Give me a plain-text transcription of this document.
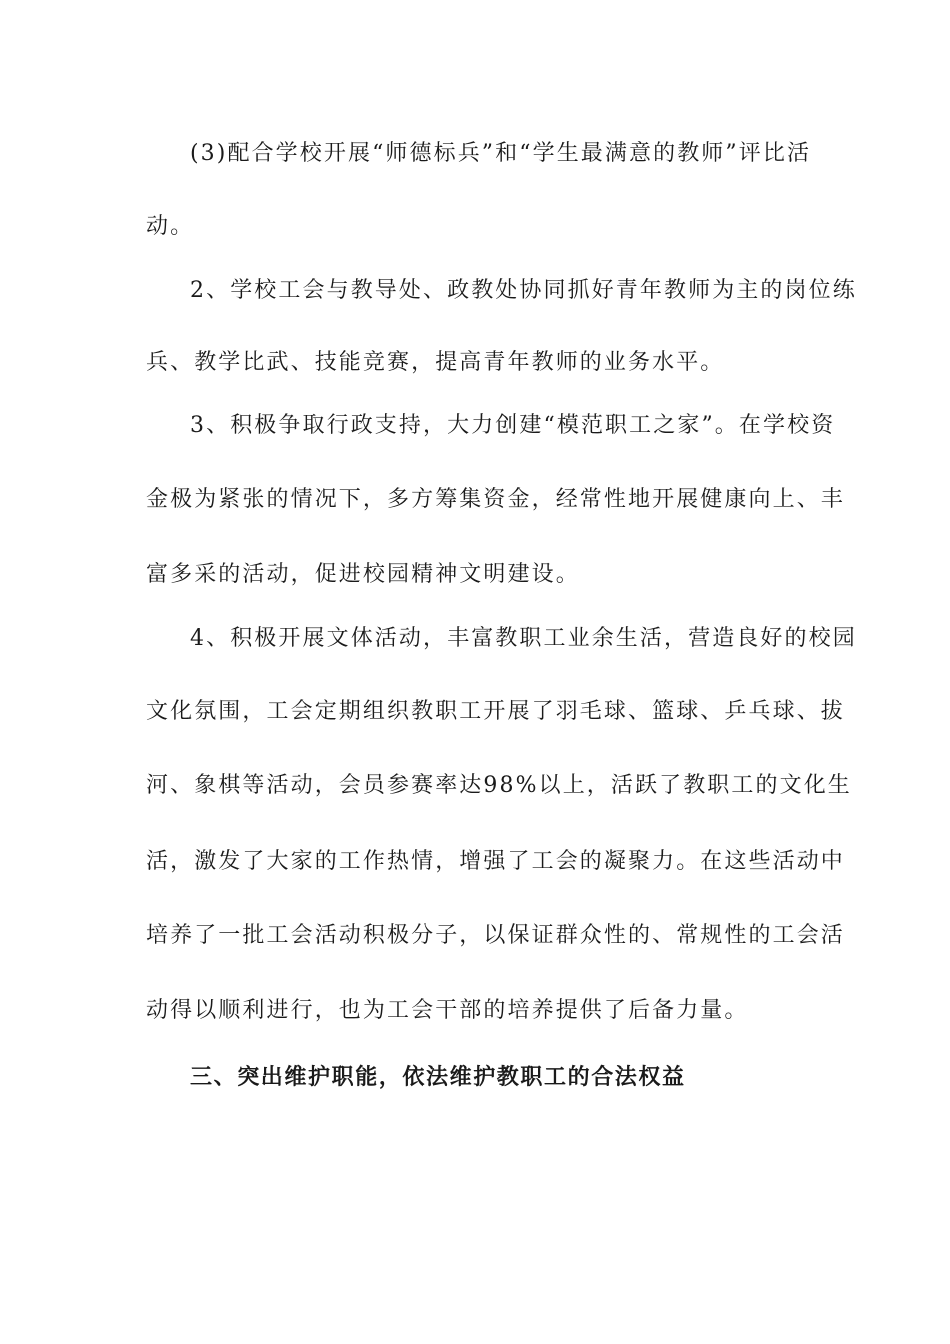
(3)配合学校开展“师德标兵”和“学生最满意的教师”评比活
动。
2、学校工会与教导处、政教处协同抓好青年教师为主的岗位练
兵、教学比武、技能竞赛，提高青年教师的业务水平。
3、积极争取行政支持，大力创建“模范职工之家”。在学校资
金极为紧张的情况下，多方筹集资金，经常性地开展健康向上、丰
富多采的活动，促进校园精神文明建设。
4、积极开展文体活动，丰富教职工业余生活，营造良好的校园
文化氛围，工会定期组织教职工开展了羽毛球、篮球、乒乓球、拔
河、象棋等活动，会员参赛率达98%以上，活跃了教职工的文化生
活，激发了大家的工作热情，增强了工会的凝聚力。在这些活动中
培养了一批工会活动积极分子，以保证群众性的、常规性的工会活
动得以顺利进行，也为工会干部的培养提供了后备力量。
三、突出维护职能，依法维护教职工的合法权益
